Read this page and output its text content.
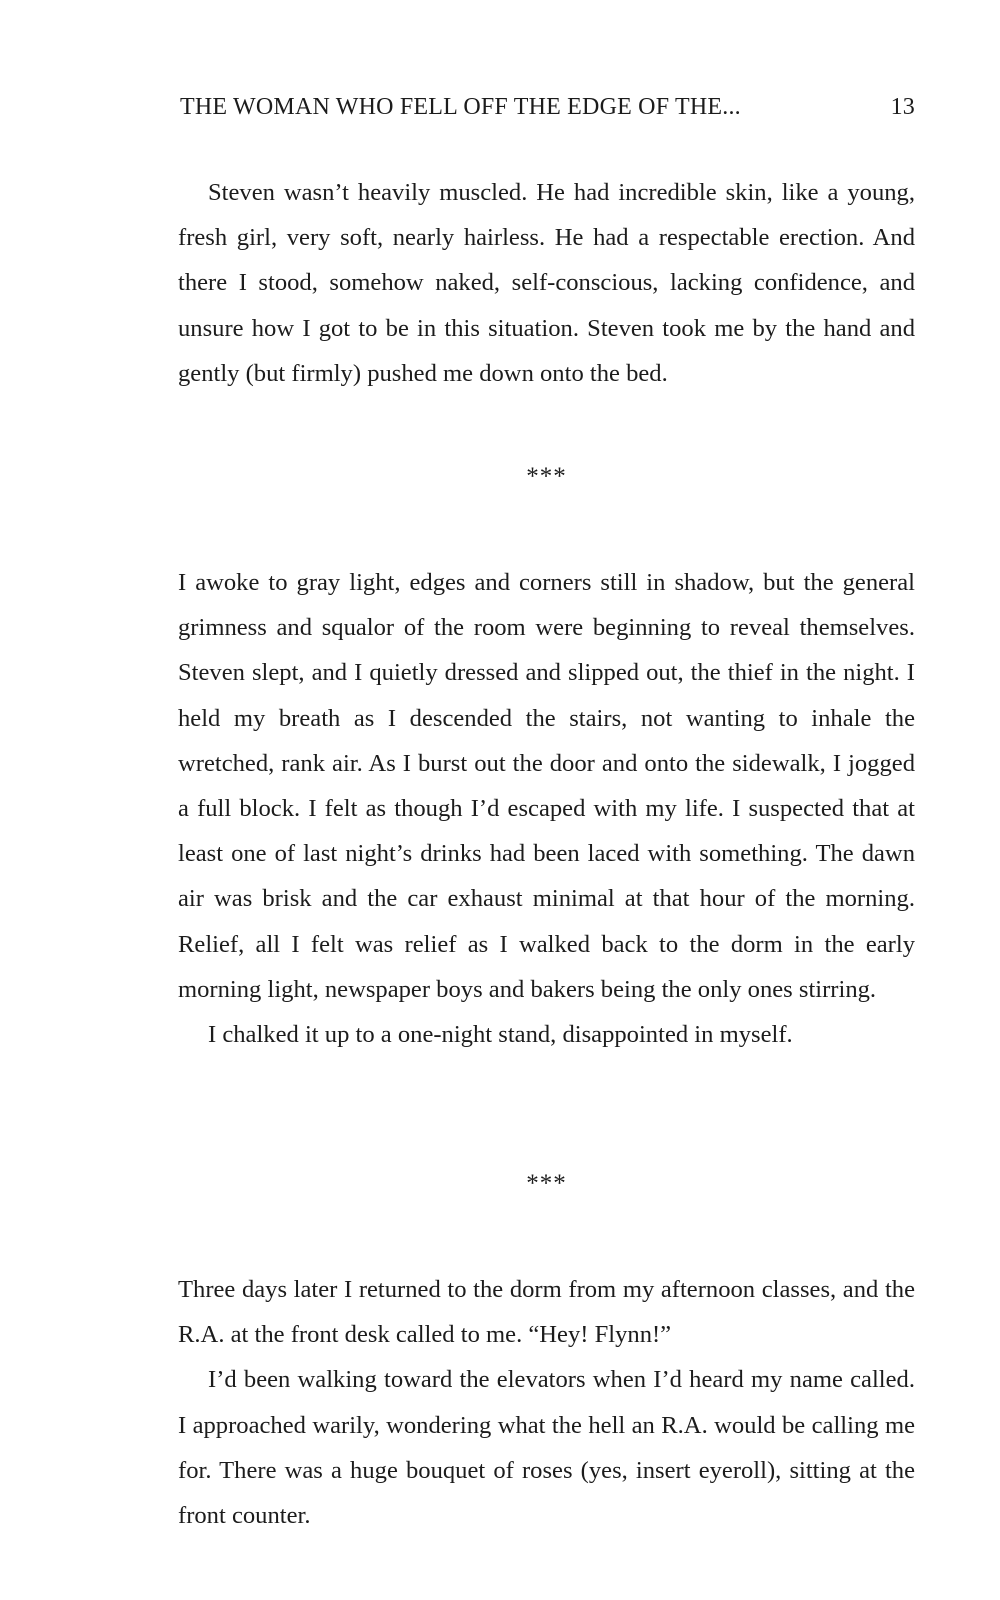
THE WOMAN WHO FELL OFF THE EDGE OF THE...	13

Steven wasn’t heavily muscled. He had incredible skin, like a young, fresh girl, very soft, nearly hairless. He had a respectable erection. And there I stood, somehow naked, self-conscious, lacking confidence, and unsure how I got to be in this situation. Steven took me by the hand and gently (but firmly) pushed me down onto the bed.

***

I awoke to gray light, edges and corners still in shadow, but the general grimness and squalor of the room were beginning to reveal themselves. Steven slept, and I quietly dressed and slipped out, the thief in the night. I held my breath as I descended the stairs, not wanting to inhale the wretched, rank air. As I burst out the door and onto the sidewalk, I jogged a full block. I felt as though I’d escaped with my life. I suspected that at least one of last night’s drinks had been laced with something. The dawn air was brisk and the car exhaust minimal at that hour of the morning. Relief, all I felt was relief as I walked back to the dorm in the early morning light, newspaper boys and bakers being the only ones stirring.

I chalked it up to a one-night stand, disappointed in myself.

***

Three days later I returned to the dorm from my afternoon classes, and the R.A. at the front desk called to me. “Hey! Flynn!”

I’d been walking toward the elevators when I’d heard my name called. I approached warily, wondering what the hell an R.A. would be calling me for. There was a huge bouquet of roses (yes, insert eyeroll), sitting at the front counter.
